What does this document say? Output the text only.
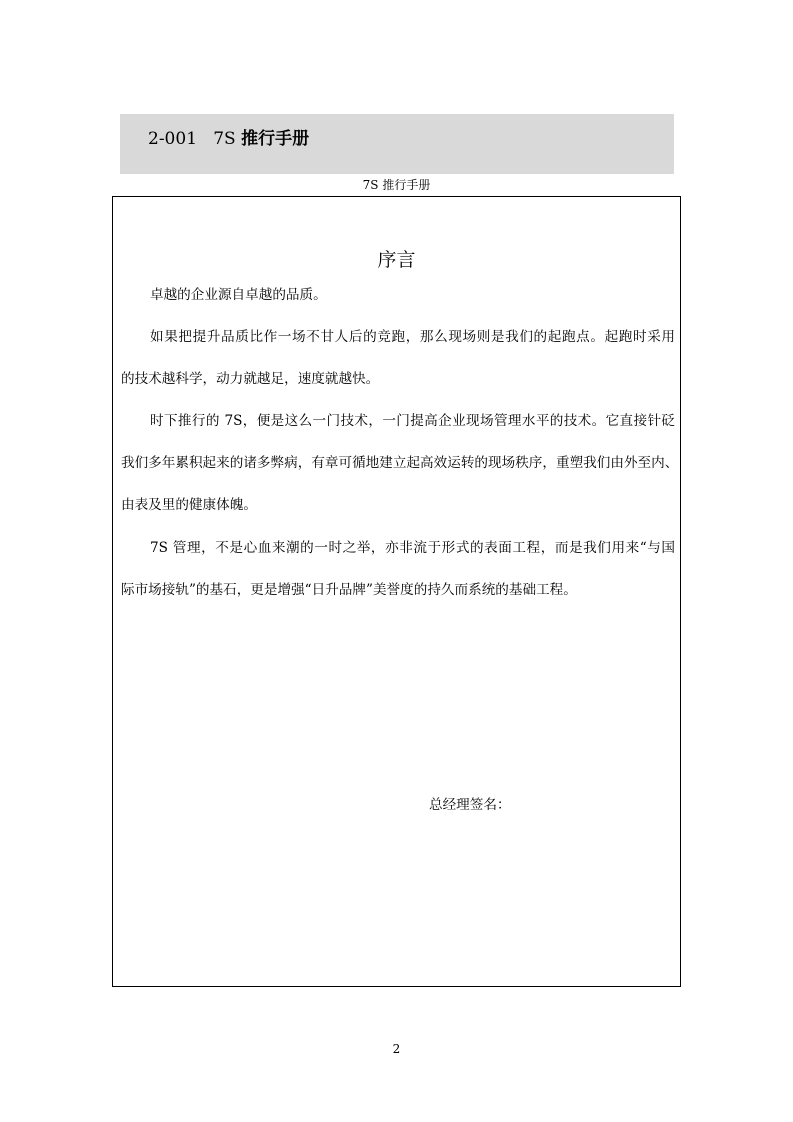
2-001 7S 推行手册
7S 推行手册
序言
卓越的企业源自卓越的品质。
如果把提升品质比作一场不甘人后的竞跑，那么现场则是我们的起跑点。起跑时采用
的技术越科学，动力就越足，速度就越快。
时下推行的 7S，便是这么一门技术，一门提高企业现场管理水平的技术。它直接针砭
我们多年累积起来的诸多弊病，有章可循地建立起高效运转的现场秩序，重塑我们由外至内、
由表及里的健康体魄。
7S 管理，不是心血来潮的一时之举，亦非流于形式的表面工程，而是我们用来“与国
际市场接轨”的基石，更是增强“日升品牌”美誉度的持久而系统的基础工程。
总经理签名：
2
